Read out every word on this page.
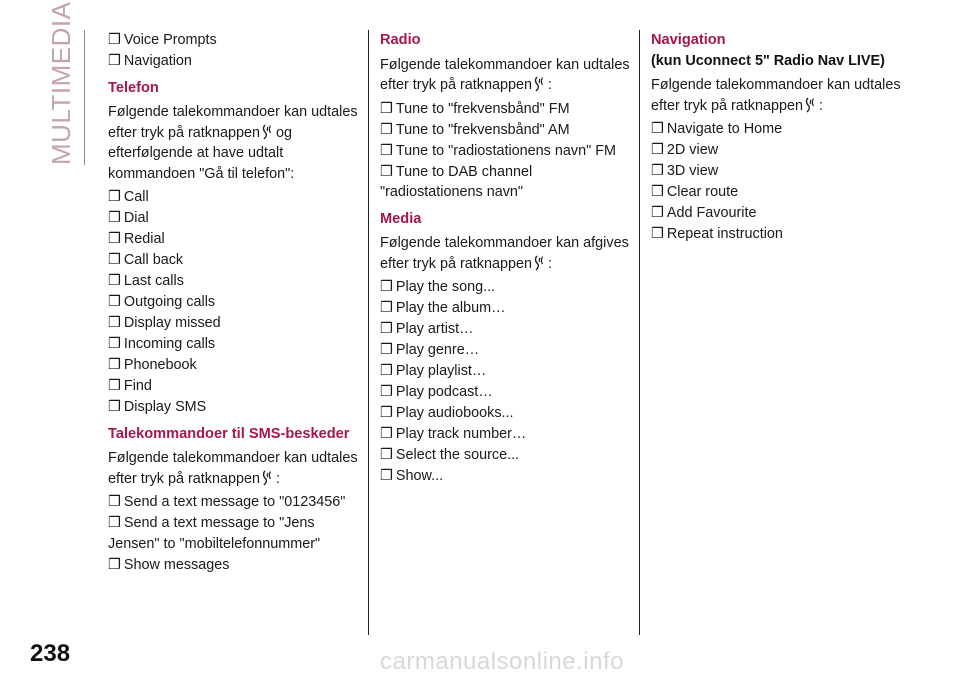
MULTIMEDIA ❒ Voice Prompts
❒ Navigation
Telefon
Følgende talekommandoer kan udtales efter tryk på ratknappen og efterfølgende at have udtalt kommandoen "Gå til telefon":
❒ Call
❒ Dial
❒ Redial
❒ Call back
❒ Last calls
❒ Outgoing calls
❒ Display missed
❒ Incoming calls
❒ Phonebook
❒ Find
❒ Display SMS
Talekommandoer til SMS-beskeder
Følgende talekommandoer kan udtales efter tryk på ratknappen :
❒ Send a text message to "0123456"
❒ Send a text message to "Jens Jensen" to "mobiltelefonnummer"
❒ Show messages
Radio
Følgende talekommandoer kan udtales efter tryk på ratknappen :
❒ Tune to "frekvensbånd" FM
❒ Tune to "frekvensbånd" AM
❒ Tune to "radiostationens navn" FM
❒ Tune to DAB channel "radiostationens navn"
Media
Følgende talekommandoer kan afgives efter tryk på ratknappen :
❒ Play the song...
❒ Play the album…
❒ Play artist…
❒ Play genre…
❒ Play playlist…
❒ Play podcast…
❒ Play audiobooks...
❒ Play track number…
❒ Select the source...
❒ Show...
Navigation
(kun Uconnect 5" Radio Nav LIVE)
Følgende talekommandoer kan udtales efter tryk på ratknappen :
❒ Navigate to Home
❒ 2D view
❒ 3D view
❒ Clear route
❒ Add Favourite
❒ Repeat instruction
238	carmanualsonline.info
